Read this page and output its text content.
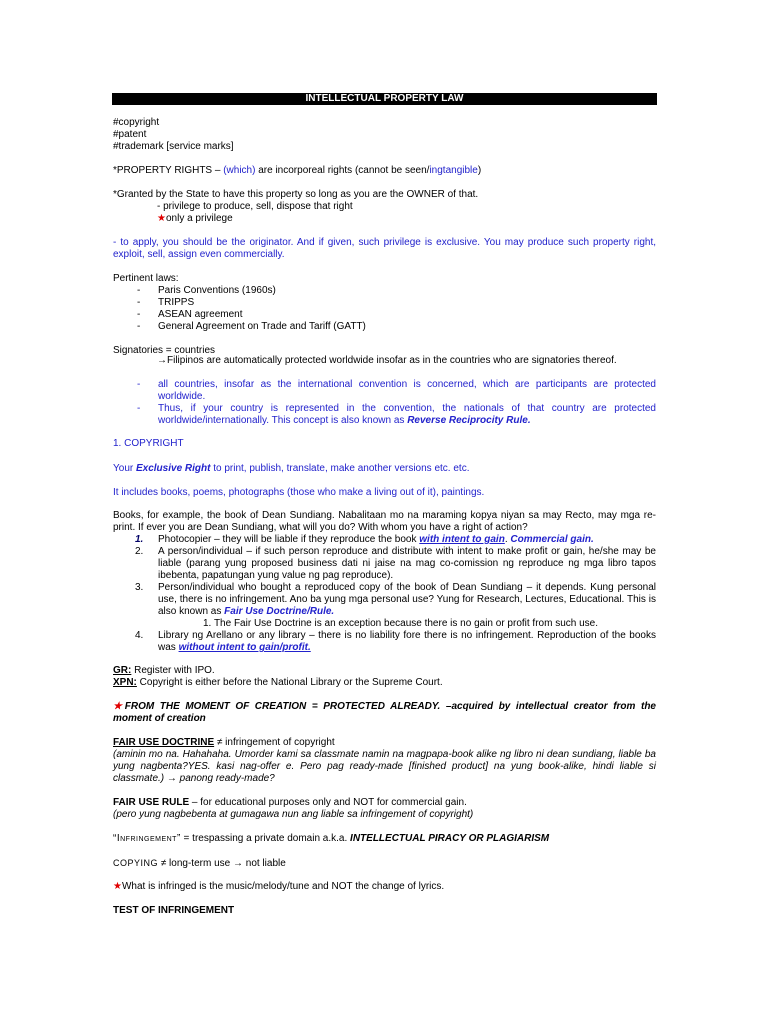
INTELLECTUAL PROPERTY LAW
#copyright
#patent
#trademark [service marks]
*PROPERTY RIGHTS – (which) are incorporeal rights (cannot be seen/ingtangible)
*Granted by the State to have this property so long as you are the OWNER of that.
- privilege to produce, sell, dispose that right
★only a privilege
- to apply, you should be the originator. And if given, such privilege is exclusive. You may produce such property right, exploit, sell, assign even commercially.
Pertinent laws:
- Paris Conventions (1960s)
- TRIPPS
- ASEAN agreement
- General Agreement on Trade and Tariff (GATT)
Signatories = countries
→Filipinos are automatically protected worldwide insofar as in the countries who are signatories thereof.
- all countries, insofar as the international convention is concerned, which are participants are protected worldwide.
- Thus, if your country is represented in the convention, the nationals of that country are protected worldwide/internationally. This concept is also known as Reverse Reciprocity Rule.
1. COPYRIGHT
Your Exclusive Right to print, publish, translate, make another versions etc. etc.
It includes books, poems, photographs (those who make a living out of it), paintings.
Books, for example, the book of Dean Sundiang. Nabalitaan mo na maraming kopya niyan sa may Recto, may mga re-print. If ever you are Dean Sundiang, what will you do? With whom you have a right of action?
1. Photocopier – they will be liable if they reproduce the book with intent to gain. Commercial gain.
2. A person/individual – if such person reproduce and distribute with intent to make profit or gain, he/she may be liable (parang yung proposed business dati ni jaise na mag co-comission ng reproduce ng mga libro tapos ibebenta, papatungan yung value ng pag reproduce).
3. Person/individual who bought a reproduced copy of the book of Dean Sundiang – it depends. Kung personal use, there is no infringement. Ano ba yung mga personal use? Yung for Research, Lectures, Educational. This is also known as Fair Use Doctrine/Rule.
1. The Fair Use Doctrine is an exception because there is no gain or profit from such use.
4. Library ng Arellano or any library – there is no liability fore there is no infringement. Reproduction of the books was without intent to gain/profit.
GR: Register with IPO.
XPN: Copyright is either before the National Library or the Supreme Court.
★FROM THE MOMENT OF CREATION = PROTECTED ALREADY. –acquired by intellectual creator from the moment of creation
FAIR USE DOCTRINE ≠ infringement of copyright
(aminin mo na. Hahahaha. Umorder kami sa classmate namin na magpapa-book alike ng libro ni dean sundiang, liable ba yung nagbenta?YES. kasi nag-offer e. Pero pag ready-made [finished product] na yung book-alike, hindi liable si classmate.) → panong ready-made?
FAIR USE RULE – for educational purposes only and NOT for commercial gain.
(pero yung nagbebenta at gumagawa nun ang liable sa infringement of copyright)
“Infringement” = trespassing a private domain a.k.a. INTELLECTUAL PIRACY OR PLAGIARISM
COPYING ≠ long-term use → not liable
★What is infringed is the music/melody/tune and NOT the change of lyrics.
TEST OF INFRINGEMENT
